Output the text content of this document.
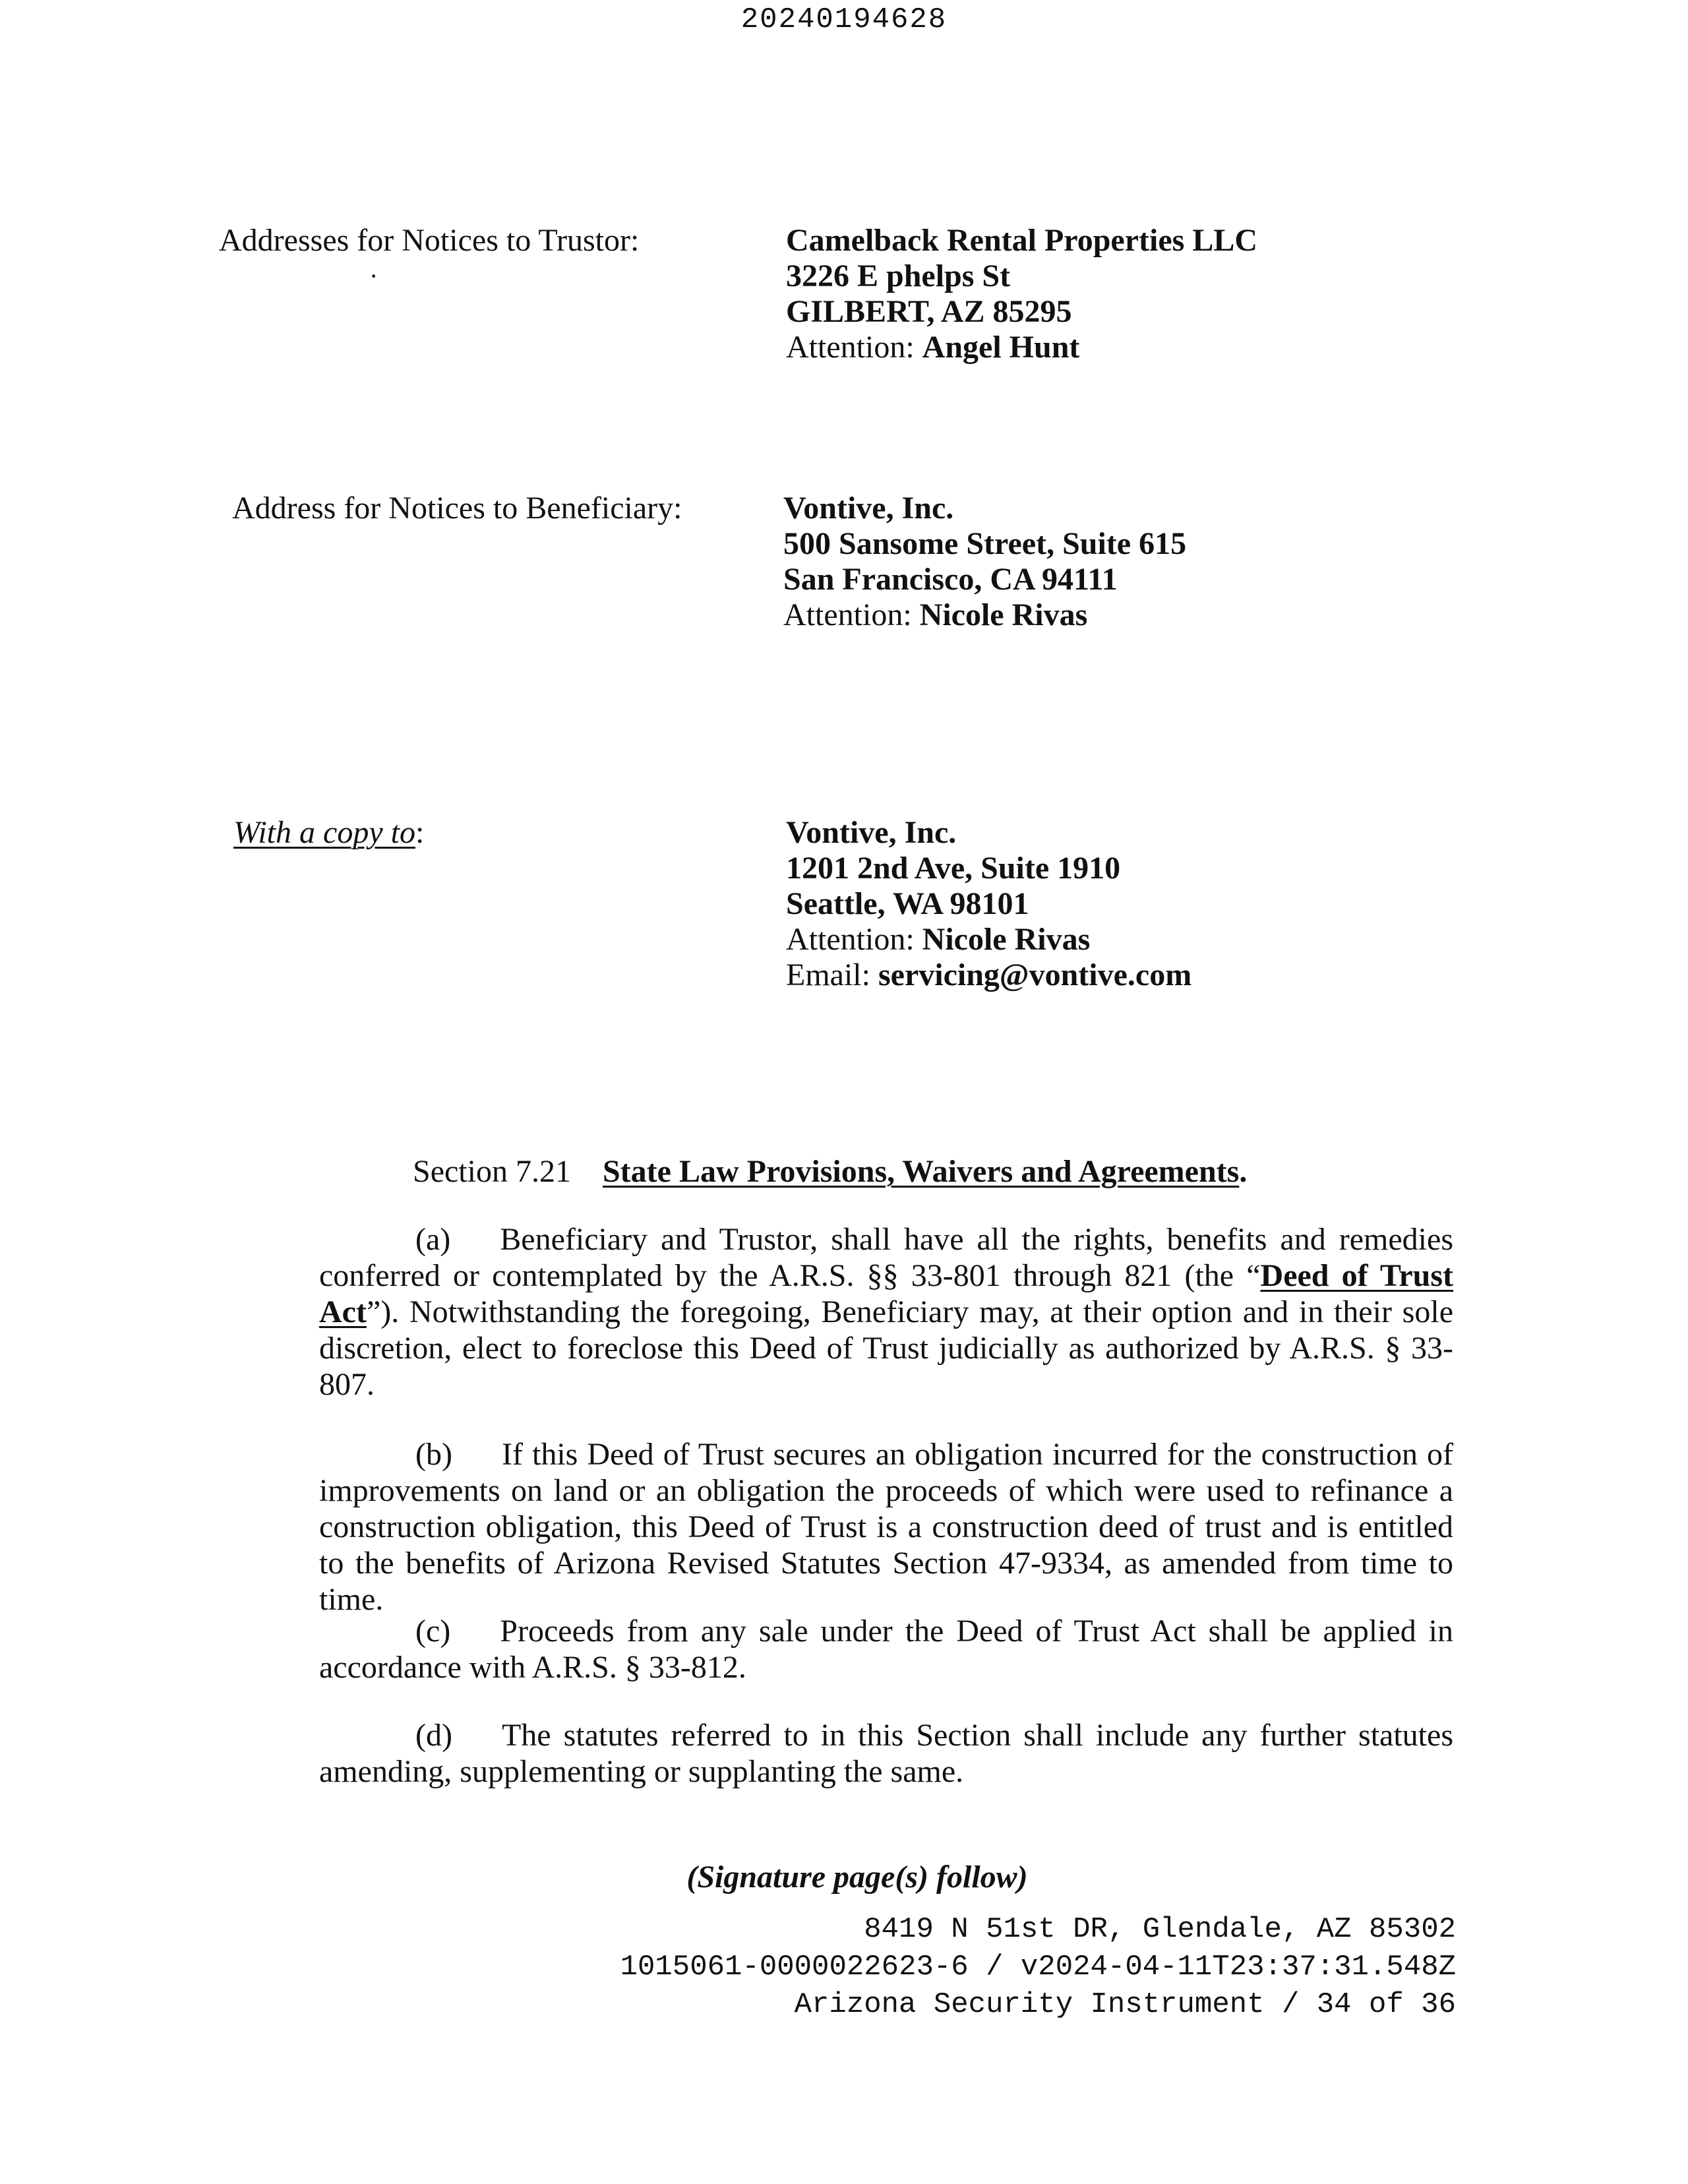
20240194628
Addresses for Notices to Trustor:
·
Camelback Rental Properties LLC
3226 E phelps St
GILBERT, AZ 85295
Attention: Angel Hunt
Address for Notices to Beneficiary:	Vontive, Inc.
500 Sansome Street, Suite 615
San Francisco, CA 94111
Attention: Nicole Rivas
With a copy to:	Vontive, Inc.
1201 2nd Ave, Suite 1910
Seattle, WA 98101
Attention: Nicole Rivas
Email: servicing@vontive.com
Section 7.21 State Law Provisions, Waivers and Agreements.
(a) Beneficiary and Trustor, shall have all the rights, benefits and remedies conferred or contemplated by the A.R.S. §§ 33-801 through 821 (the “Deed of Trust Act”). Notwithstanding the foregoing, Beneficiary may, at their option and in their sole discretion, elect to foreclose this Deed of Trust judicially as authorized by A.R.S. § 33-807.
(b) If this Deed of Trust secures an obligation incurred for the construction of improvements on land or an obligation the proceeds of which were used to refinance a construction obligation, this Deed of Trust is a construction deed of trust and is entitled to the benefits of Arizona Revised Statutes Section 47-9334, as amended from time to time.
(c) Proceeds from any sale under the Deed of Trust Act shall be applied in accordance with A.R.S. § 33-812.
(d) The statutes referred to in this Section shall include any further statutes amending, supplementing or supplanting the same.
(Signature page(s) follow)
8419 N 51st DR, Glendale, AZ 85302
1015061-0000022623-6 / v2024-04-11T23:37:31.548Z
Arizona Security Instrument / 34 of 36
